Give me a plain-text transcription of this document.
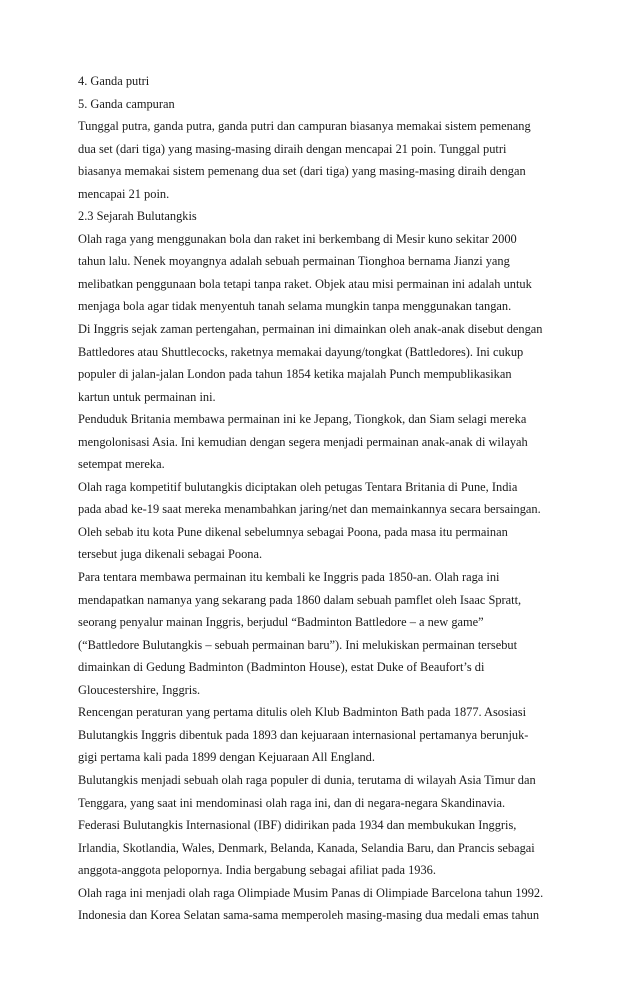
4. Ganda putri
5. Ganda campuran
Tunggal putra, ganda putra, ganda putri dan campuran biasanya memakai sistem pemenang
dua set (dari tiga) yang masing-masing diraih dengan mencapai 21 poin. Tunggal putri
biasanya memakai sistem pemenang dua set (dari tiga) yang masing-masing diraih dengan
mencapai 21 poin.
2.3 Sejarah Bulutangkis
Olah raga yang menggunakan bola dan raket ini berkembang di Mesir kuno sekitar 2000
tahun lalu. Nenek moyangnya adalah sebuah permainan Tionghoa bernama Jianzi yang
melibatkan penggunaan bola tetapi tanpa raket. Objek atau misi permainan ini adalah untuk
menjaga bola agar tidak menyentuh tanah selama mungkin tanpa menggunakan tangan.
Di Inggris sejak zaman pertengahan, permainan ini dimainkan oleh anak-anak disebut dengan
Battledores atau Shuttlecocks, raketnya memakai dayung/tongkat (Battledores). Ini cukup
populer di jalan-jalan London pada tahun 1854 ketika majalah Punch mempublikasikan
kartun untuk permainan ini.
Penduduk Britania membawa permainan ini ke Jepang, Tiongkok, dan Siam selagi mereka
mengolonisasi Asia. Ini kemudian dengan segera menjadi permainan anak-anak di wilayah
setempat mereka.
Olah raga kompetitif bulutangkis diciptakan oleh petugas Tentara Britania di Pune, India
pada abad ke-19 saat mereka menambahkan jaring/net dan memainkannya secara bersaingan.
Oleh sebab itu kota Pune dikenal sebelumnya sebagai Poona, pada masa itu permainan
tersebut juga dikenali sebagai Poona.
Para tentara membawa permainan itu kembali ke Inggris pada 1850-an. Olah raga ini
mendapatkan namanya yang sekarang pada 1860 dalam sebuah pamflet oleh Isaac Spratt,
seorang penyalur mainan Inggris, berjudul “Badminton Battledore – a new game”
(“Battledore Bulutangkis – sebuah permainan baru”). Ini melukiskan permainan tersebut
dimainkan di Gedung Badminton (Badminton House), estat Duke of Beaufort’s di
Gloucestershire, Inggris.
Rencengan peraturan yang pertama ditulis oleh Klub Badminton Bath pada 1877. Asosiasi
Bulutangkis Inggris dibentuk pada 1893 dan kejuaraan internasional pertamanya berunjuk-
gigi pertama kali pada 1899 dengan Kejuaraan All England.
Bulutangkis menjadi sebuah olah raga populer di dunia, terutama di wilayah Asia Timur dan
Tenggara, yang saat ini mendominasi olah raga ini, dan di negara-negara Skandinavia.
Federasi Bulutangkis Internasional (IBF) didirikan pada 1934 dan membukukan Inggris,
Irlandia, Skotlandia, Wales, Denmark, Belanda, Kanada, Selandia Baru, dan Prancis sebagai
anggota-anggota pelopornya. India bergabung sebagai afiliat pada 1936.
Olah raga ini menjadi olah raga Olimpiade Musim Panas di Olimpiade Barcelona tahun 1992.
Indonesia dan Korea Selatan sama-sama memperoleh masing-masing dua medali emas tahun
